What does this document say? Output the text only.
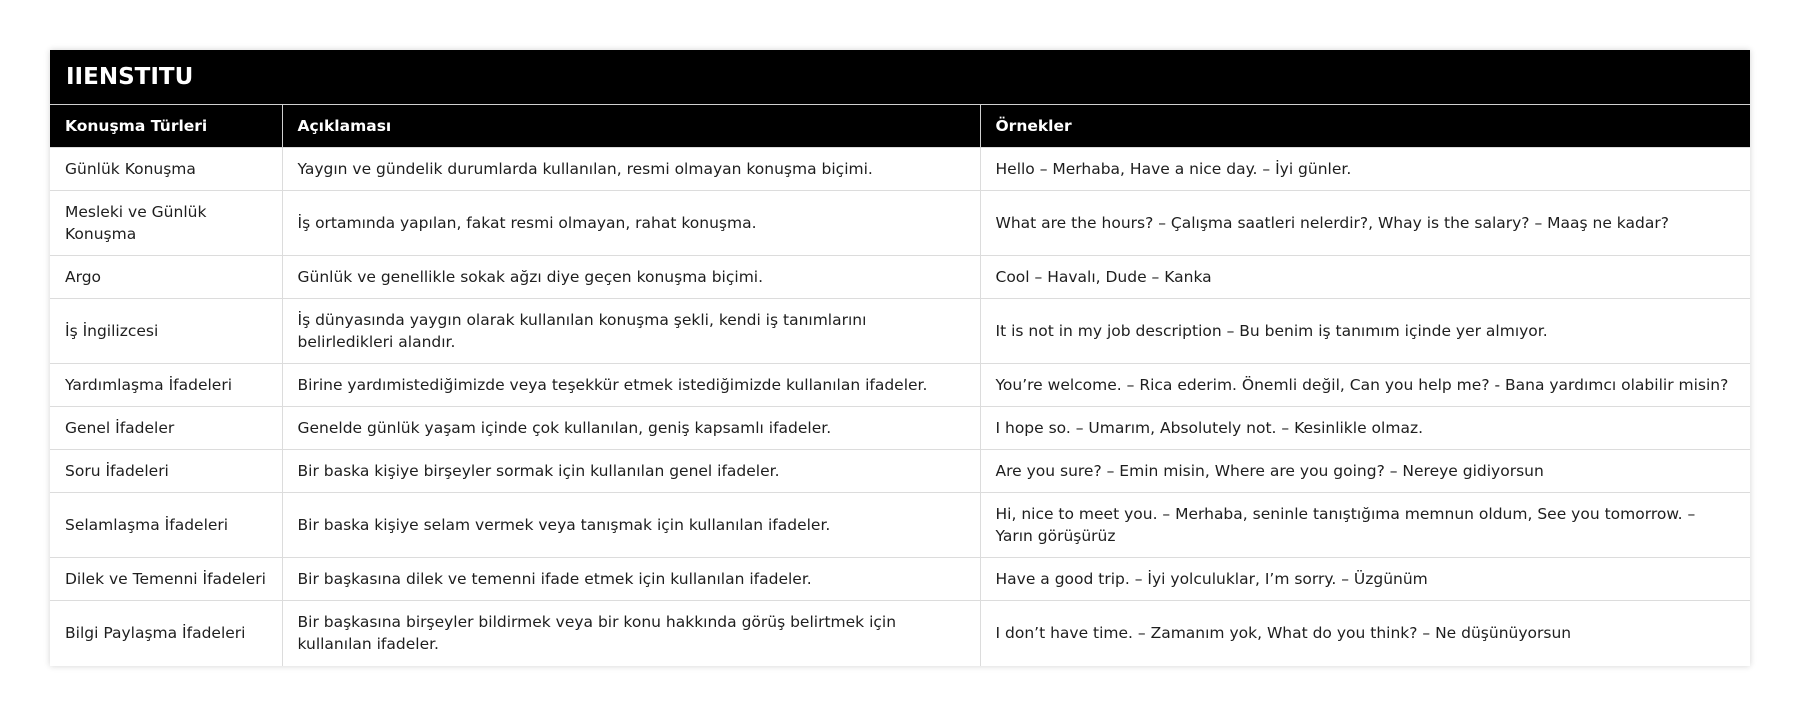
IIENSTITU
Konuşma Türleri	Açıklaması	Örnekler
Günlük Konuşma	Yaygın ve gündelik durumlarda kullanılan, resmi olmayan konuşma biçimi.	Hello – Merhaba, Have a nice day. – İyi günler.
Mesleki ve Günlük Konuşma	İş ortamında yapılan, fakat resmi olmayan, rahat konuşma.	What are the hours? – Çalışma saatleri nelerdir?, Whay is the salary? – Maaş ne kadar?
Argo	Günlük ve genellikle sokak ağzı diye geçen konuşma biçimi.	Cool – Havalı, Dude – Kanka
İş İngilizcesi	İş dünyasında yaygın olarak kullanılan konuşma şekli, kendi iş tanımlarını belirledikleri alandır.	It is not in my job description – Bu benim iş tanımım içinde yer almıyor.
Yardımlaşma İfadeleri	Birine yardımistediğimizde veya teşekkür etmek istediğimizde kullanılan ifadeler.	You’re welcome. – Rica ederim. Önemli değil, Can you help me? - Bana yardımcı olabilir misin?
Genel İfadeler	Genelde günlük yaşam içinde çok kullanılan, geniş kapsamlı ifadeler.	I hope so. – Umarım, Absolutely not. – Kesinlikle olmaz.
Soru İfadeleri	Bir baska kişiye birşeyler sormak için kullanılan genel ifadeler.	Are you sure? – Emin misin, Where are you going? – Nereye gidiyorsun
Selamlaşma İfadeleri	Bir baska kişiye selam vermek veya tanışmak için kullanılan ifadeler.	Hi, nice to meet you. – Merhaba, seninle tanıştığıma memnun oldum, See you tomorrow. – Yarın görüşürüz
Dilek ve Temenni İfadeleri	Bir başkasına dilek ve temenni ifade etmek için kullanılan ifadeler.	Have a good trip. – İyi yolculuklar, I’m sorry. – Üzgünüm
Bilgi Paylaşma İfadeleri	Bir başkasına birşeyler bildirmek veya bir konu hakkında görüş belirtmek için kullanılan ifadeler.	I don’t have time. – Zamanım yok, What do you think? – Ne düşünüyorsun
